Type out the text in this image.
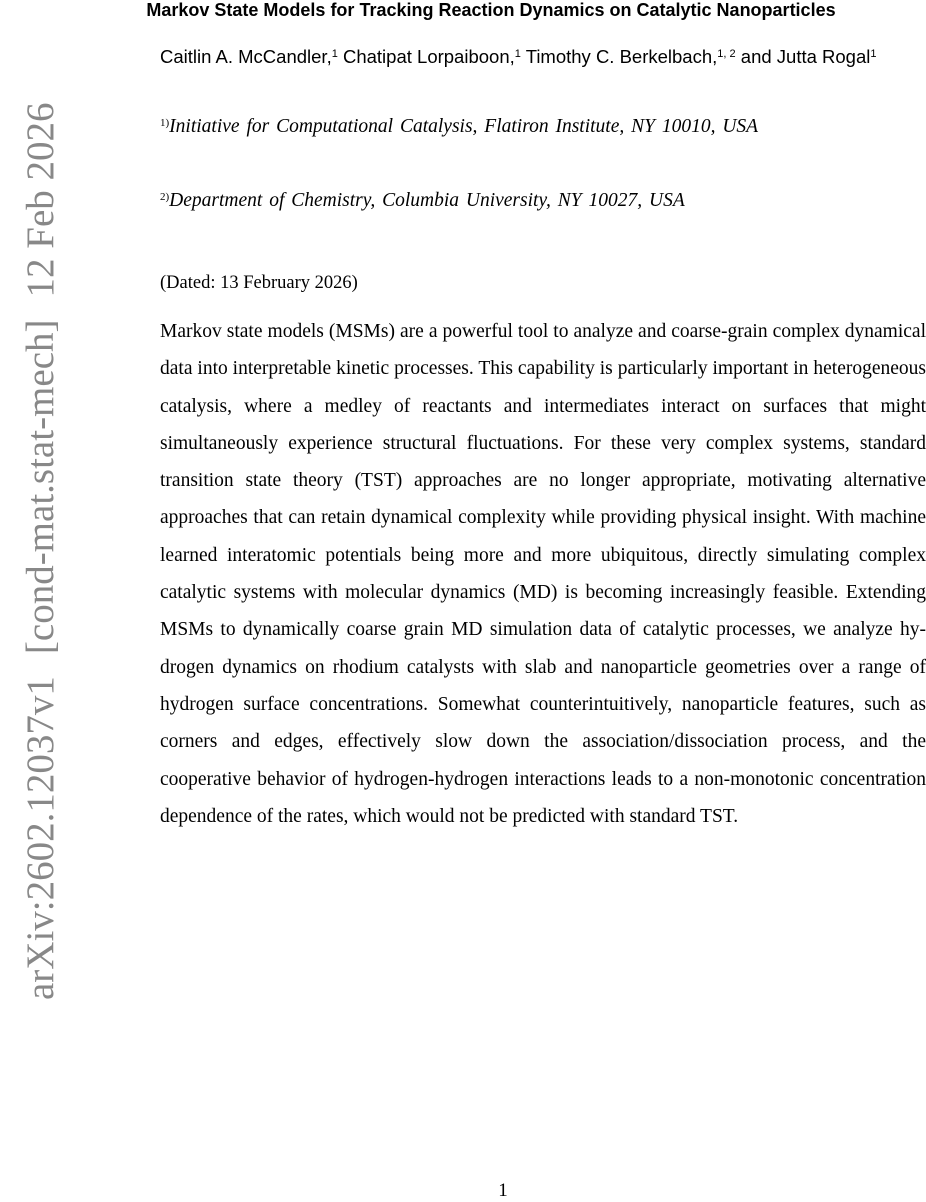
arXiv:2602.12037v1
[cond-mat.stat-mech]
12 Feb 2026
Markov State Models for Tracking Reaction Dynamics on Catalytic Nanoparticles
Caitlin A. McCandler,$^1$ Chatipat Lorpaiboon,$^1$ Timothy C. Berkelbach,$^{1, 2}$ and Jutta Rogal$^1$
$^{1)}$Initiative for Computational Catalysis, Flatiron Institute, NY 10010, USA
$^{2)}$Department of Chemistry, Columbia University, NY 10027, USA
(Dated: 13 February 2026)

Markov state models (MSMs) are a powerful tool to analyze and coarse-grain complex dynamical data into interpretable kinetic processes. This capability is particularly important in heterogeneous catalysis, where a medley of reactants and intermediates interact on surfaces that might simultaneously experience structural fluctuations. For these very complex systems, standard transition state theory (TST) approaches are no longer appropriate, motivating alternative approaches that can retain dynamical complexity while providing physical insight. With machine learned interatomic potentials being more and more ubiquitous, directly simulating complex catalytic systems with molecular dynamics (MD) is becoming increasingly feasible. Extending MSMs to dynamically coarse grain MD simulation data of catalytic processes, we analyze hydrogen dynamics on rhodium catalysts with slab and nanoparticle geometries over a range of hydrogen surface concentrations. Somewhat counterintuitively, nanoparticle features, such as corners and edges, effectively slow down the association/dissociation process, and the cooperative behavior of hydrogen-hydrogen interactions leads to a non-monotonic concentration dependence of the rates, which would not be predicted with standard TST.

1
